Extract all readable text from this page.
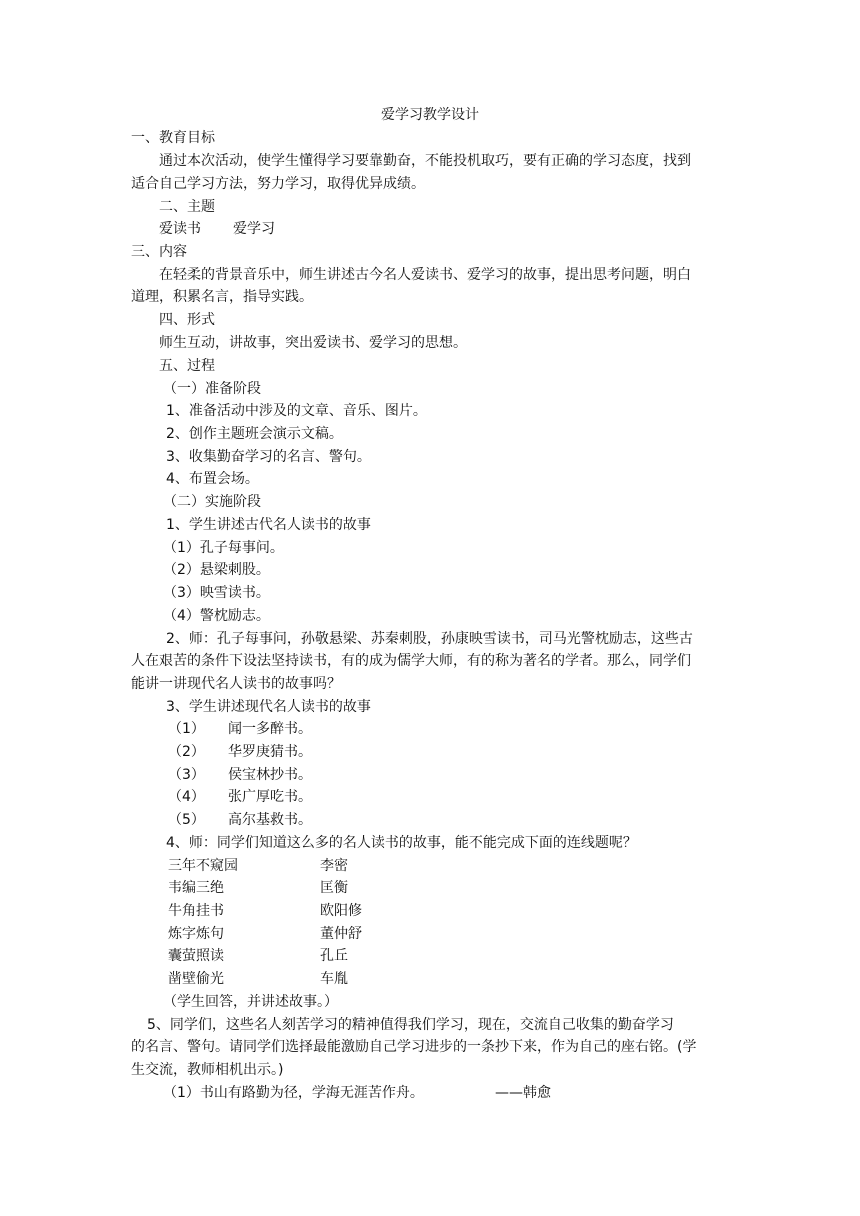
爱学习教学设计
一、教育目标
通过本次活动，使学生懂得学习要靠勤奋，不能投机取巧，要有正确的学习态度，找到
适合自己学习方法，努力学习，取得优异成绩。
二、主题
爱读书 爱学习
三、内容
在轻柔的背景音乐中，师生讲述古今名人爱读书、爱学习的故事，提出思考问题，明白
道理，积累名言，指导实践。
四、形式
师生互动，讲故事，突出爱读书、爱学习的思想。
五、过程
（一）准备阶段
1、准备活动中涉及的文章、音乐、图片。
2、创作主题班会演示文稿。
3、收集勤奋学习的名言、警句。
4、布置会场。
（二）实施阶段
1、学生讲述古代名人读书的故事
（1）孔子每事问。
（2）悬梁刺股。
（3）映雪读书。
（4）警枕励志。
2、师：孔子每事问，孙敬悬梁、苏秦刺股，孙康映雪读书，司马光警枕励志，这些古
人在艰苦的条件下设法坚持读书，有的成为儒学大师，有的称为著名的学者。那么，同学们
能讲一讲现代名人读书的故事吗？
3、学生讲述现代名人读书的故事
（1） 闻一多醉书。
（2） 华罗庚猜书。
（3） 侯宝林抄书。
（4） 张广厚吃书。
（5） 高尔基救书。
4、师：同学们知道这么多的名人读书的故事，能不能完成下面的连线题呢？
三年不窥园	李密
韦编三绝	匡衡
牛角挂书	欧阳修
炼字炼句	董仲舒
囊萤照读	孔丘
凿壁偷光	车胤
（学生回答，并讲述故事。）
5、同学们，这些名人刻苦学习的精神值得我们学习，现在，交流自己收集的勤奋学习
的名言、警句。请同学们选择最能激励自己学习进步的一条抄下来，作为自己的座右铭。(学
生交流，教师相机出示。)
（1）书山有路勤为径，学海无涯苦作舟。	——韩愈
